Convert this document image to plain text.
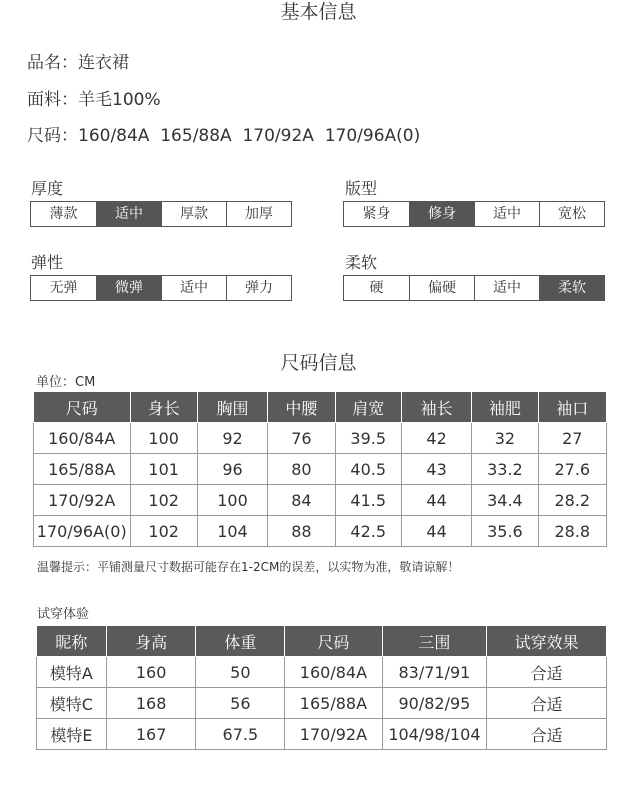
基本信息
品名：连衣裙
面料：羊毛100%
尺码：160/84A  165/88A  170/92A  170/96A(0)
厚度
薄款	适中	厚款	加厚
版型
紧身	修身	适中	宽松
弹性
无弹	微弹	适中	弹力
柔软
硬	偏硬	适中	柔软
尺码信息
单位：CM
尺码	身长	胸围	中腰	肩宽	袖长	袖肥	袖口
160/84A	100	92	76	39.5	42	32	27
165/88A	101	96	80	40.5	43	33.2	27.6
170/92A	102	100	84	41.5	44	34.4	28.2
170/96A(0)	102	104	88	42.5	44	35.6	28.8
温馨提示：平铺测量尺寸数据可能存在1-2CM的误差，以实物为准，敬请谅解！
试穿体验
昵称	身高	体重	尺码	三围	试穿效果
模特A	160	50	160/84A	83/71/91	合适
模特C	168	56	165/88A	90/82/95	合适
模特E	167	67.5	170/92A	104/98/104	合适
